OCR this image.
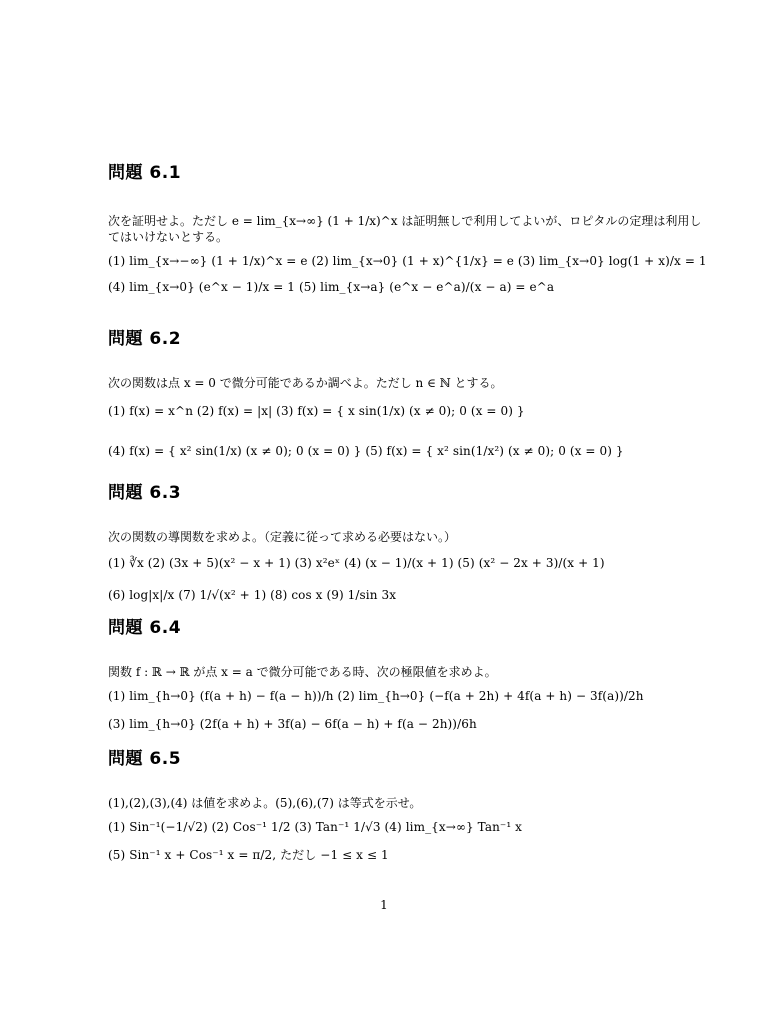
問題 6.1

次を証明せよ。ただし e = lim_{x→∞} (1 + 1/x)^x は証明無しで利用してよいが、ロピタルの定理は利用し

てはいけないとする。

(1) lim_{x→−∞} (1 + 1/x)^x = e (2) lim_{x→0} (1 + x)^{1/x} = e (3) lim_{x→0} log(1 + x)/x = 1

(4) lim_{x→0} (e^x − 1)/x = 1 (5) lim_{x→a} (e^x − e^a)/(x − a) = e^a

問題 6.2

次の関数は点 x = 0 で微分可能であるか調べよ。ただし n ∈ ℕ とする。

(1) f(x) = x^n (2) f(x) = |x| (3) f(x) = { x sin(1/x) (x ≠ 0); 0 (x = 0) }

(4) f(x) = { x² sin(1/x) (x ≠ 0); 0 (x = 0) } (5) f(x) = { x² sin(1/x²) (x ≠ 0); 0 (x = 0) }

問題 6.3

次の関数の導関数を求めよ。（定義に従って求める必要はない。）

(1) ∛x (2) (3x + 5)(x² − x + 1) (3) x²eˣ (4) (x − 1)/(x + 1) (5) (x² − 2x + 3)/(x + 1)

(6) log|x|/x (7) 1/√(x² + 1) (8) cos x (9) 1/sin 3x

問題 6.4

関数 f : ℝ → ℝ が点 x = a で微分可能である時、次の極限値を求めよ。

(1) lim_{h→0} (f(a + h) − f(a − h))/h (2) lim_{h→0} (−f(a + 2h) + 4f(a + h) − 3f(a))/2h

(3) lim_{h→0} (2f(a + h) + 3f(a) − 6f(a − h) + f(a − 2h))/6h

問題 6.5

(1),(2),(3),(4) は値を求めよ。(5),(6),(7) は等式を示せ。

(1) Sin⁻¹(−1/√2) (2) Cos⁻¹ 1/2 (3) Tan⁻¹ 1/√3 (4) lim_{x→∞} Tan⁻¹ x

(5) Sin⁻¹ x + Cos⁻¹ x = π/2, ただし −1 ≤ x ≤ 1

1
